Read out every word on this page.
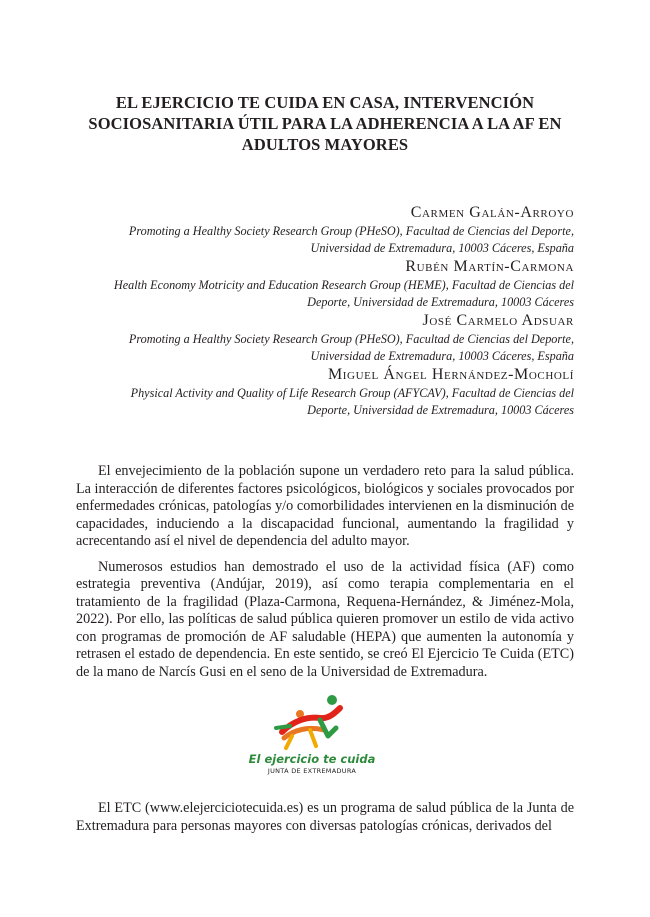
EL EJERCICIO TE CUIDA EN CASA, INTERVENCIÓN
SOCIOSANITARIA ÚTIL PARA LA ADHERENCIA A LA AF EN
ADULTOS MAYORES
Carmen Galán-Arroyo
Promoting a Healthy Society Research Group (PHeSO), Facultad de Ciencias del Deporte,
Universidad de Extremadura, 10003 Cáceres, España
Rubén Martín-Carmona
Health Economy Motricity and Education Research Group (HEME), Facultad de Ciencias del
Deporte, Universidad de Extremadura, 10003 Cáceres
José Carmelo Adsuar
Promoting a Healthy Society Research Group (PHeSO), Facultad de Ciencias del Deporte,
Universidad de Extremadura, 10003 Cáceres, España
Miguel Ángel Hernández-Mocholí
Physical Activity and Quality of Life Research Group (AFYCAV), Facultad de Ciencias del
Deporte, Universidad de Extremadura, 10003 Cáceres

El envejecimiento de la población supone un verdadero reto para la salud pública. La interacción de diferentes factores psicológicos, biológicos y sociales provocados por enfermedades crónicas, patologías y/o comorbilidades intervienen en la disminución de capacidades, induciendo a la discapacidad funcional, aumentando la fragilidad y acrecentando así el nivel de dependencia del adulto mayor.

Numerosos estudios han demostrado el uso de la actividad física (AF) como estrategia preventiva (Andújar, 2019), así como terapia complementaria en el tratamiento de la fragilidad (Plaza-Carmona, Requena-Hernández, & Jiménez-Mola, 2022). Por ello, las políticas de salud pública quieren promover un estilo de vida activo con programas de promoción de AF saludable (HEPA) que aumenten la autonomía y retrasen el estado de dependencia. En este sentido, se creó El Ejercicio Te Cuida (ETC) de la mano de Narcís Gusi en el seno de la Universidad de Extremadura.

El ejercicio te cuida
JUNTA DE EXTREMADURA

El ETC (www.elejerciciotecuida.es) es un programa de salud pública de la Junta de Extremadura para personas mayores con diversas patologías crónicas, derivados del
